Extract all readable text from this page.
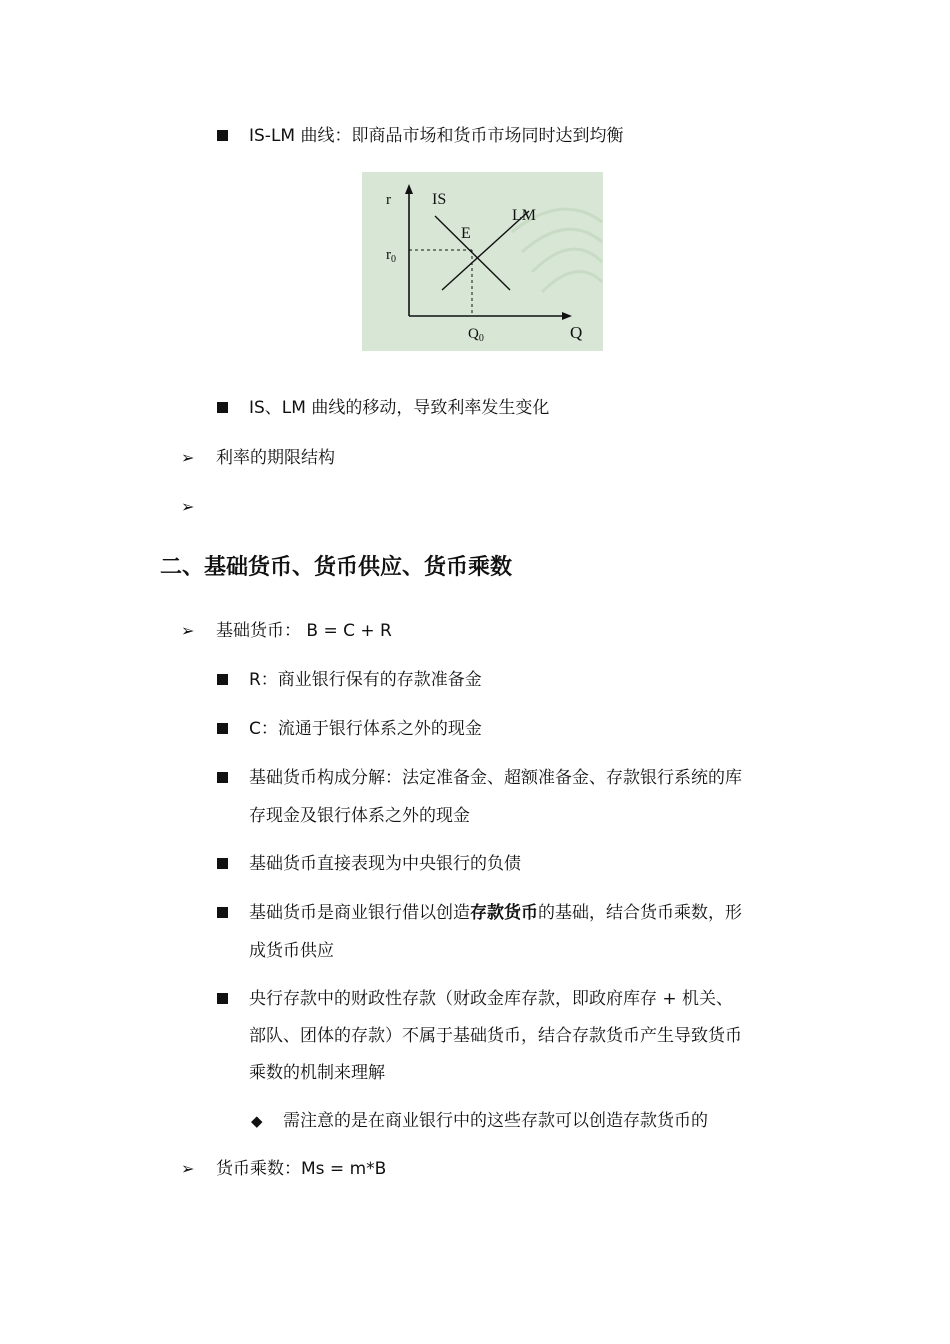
IS-LM 曲线：即商品市场和货币市场同时达到均衡
r
Q
IS
LM
E
$r_0$
$Q_0$
IS、LM 曲线的移动，导致利率发生变化
➢ 利率的期限结构
➢
二、基础货币、货币供应、货币乘数
➢ 基础货币： B = C + R
R：商业银行保有的存款准备金
C：流通于银行体系之外的现金
基础货币构成分解：法定准备金、超额准备金、存款银行系统的库
存现金及银行体系之外的现金
基础货币直接表现为中央银行的负债
基础货币是商业银行借以创造存款货币的基础，结合货币乘数，形
成货币供应
央行存款中的财政性存款（财政金库存款，即政府库存 + 机关、
部队、团体的存款）不属于基础货币，结合存款货币产生导致货币
乘数的机制来理解
◆ 需注意的是在商业银行中的这些存款可以创造存款货币的
➢ 货币乘数：Ms = m*B
